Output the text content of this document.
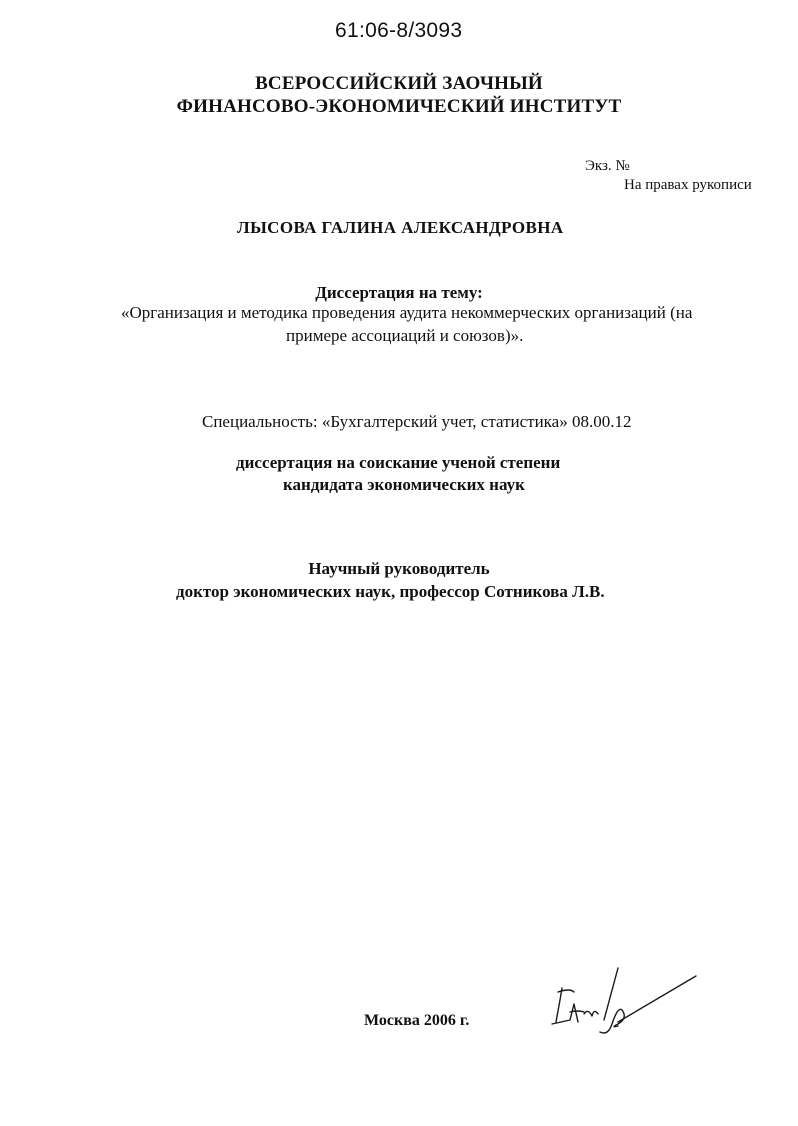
61:06-8/3093

ВСЕРОССИЙСКИЙ ЗАОЧНЫЙ

ФИНАНСОВО-ЭКОНОМИЧЕСКИЙ ИНСТИТУТ

Экз. №

На правах рукописи

ЛЫСОВА ГАЛИНА АЛЕКСАНДРОВНА

Диссертация на тему:

«Организация и методика проведения аудита некоммерческих организаций (на

примере ассоциаций и союзов)».

Специальность: «Бухгалтерский учет, статистика» 08.00.12

диссертация на соискание ученой степени

кандидата экономических наук

Научный руководитель

доктор экономических наук, профессор Сотникова Л.В.

Москва 2006 г.
